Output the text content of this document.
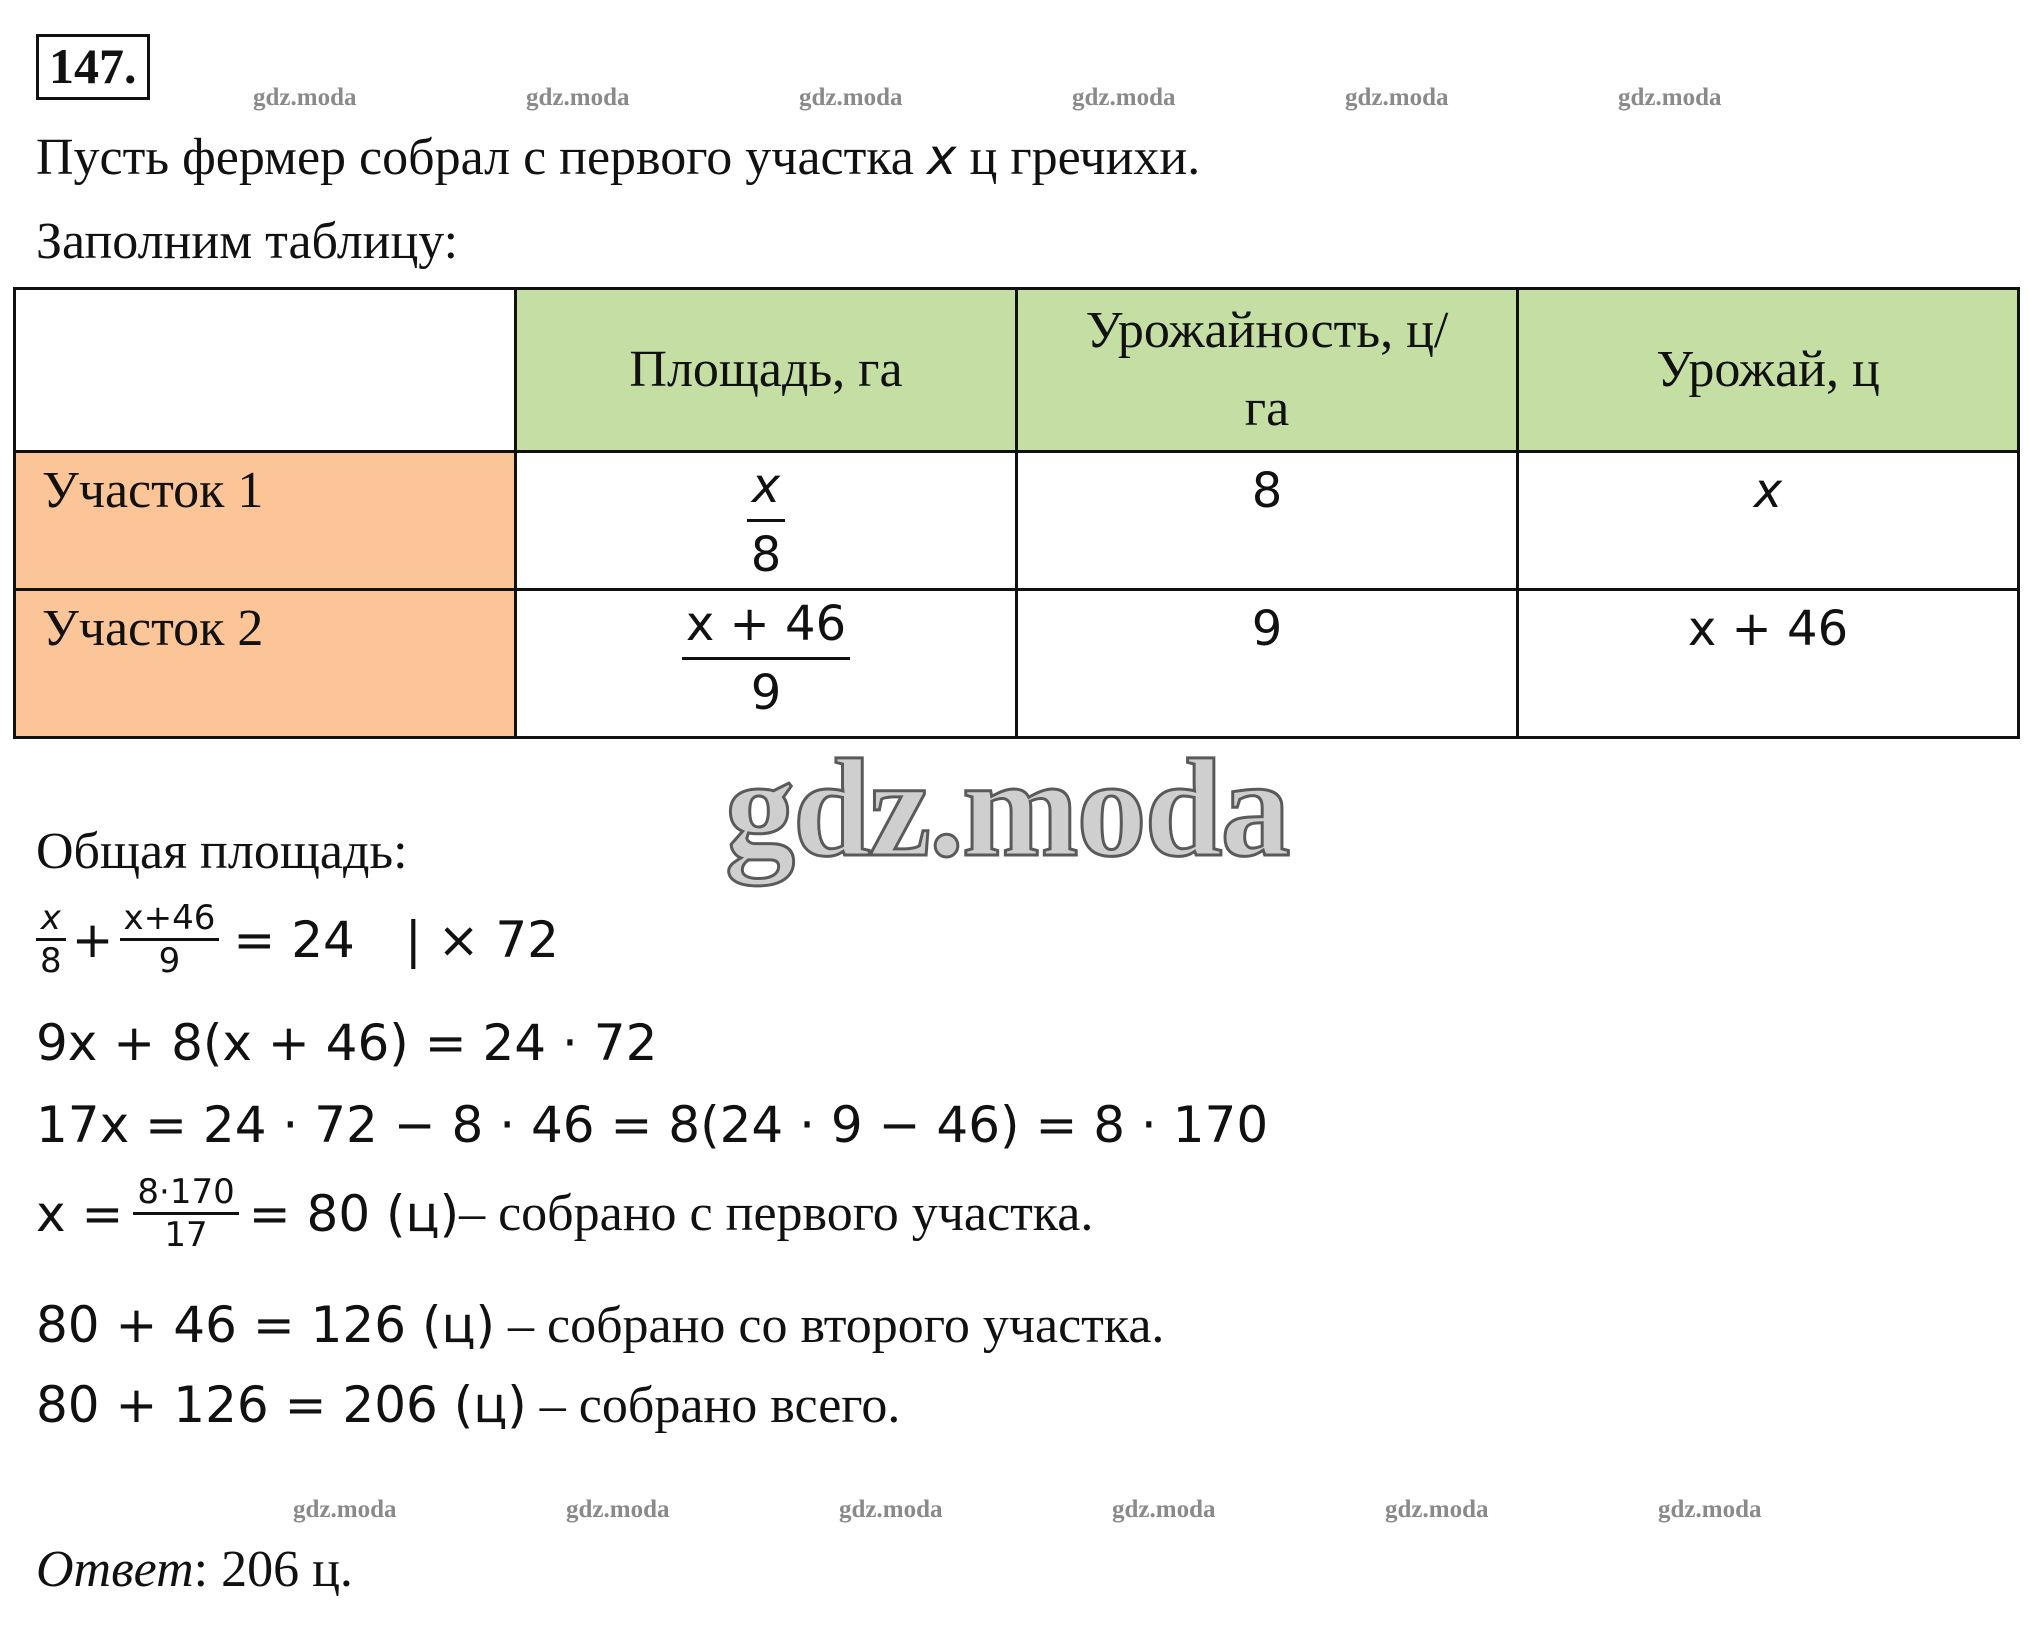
147.
gdz.moda	gdz.moda	gdz.moda	gdz.moda	gdz.moda	gdz.moda
Пусть фермер собрал с первого участка x ц гречихи.
Заполним таблицу:
	Площадь, га	Урожайность, ц/га	Урожай, ц
Участок 1	$\frac{x}{8}$	8	x
Участок 2	$\frac{x + 46}{9}$	9	x + 46
gdz.moda
Общая площадь:
$\frac{x}{8} + \frac{x+46}{9} = 24$ | × 72
9x + 8(x + 46) = 24 · 72
17x = 24 · 72 − 8 · 46 = 8(24 · 9 − 46) = 8 · 170
$x = \frac{8\cdot 170}{17} = 80$ (ц) – собрано с первого участка.
80 + 46 = 126 (ц) – собрано со второго участка.
80 + 126 = 206 (ц) – собрано всего.
gdz.moda	gdz.moda	gdz.moda	gdz.moda	gdz.moda	gdz.moda
Ответ: 206 ц.
